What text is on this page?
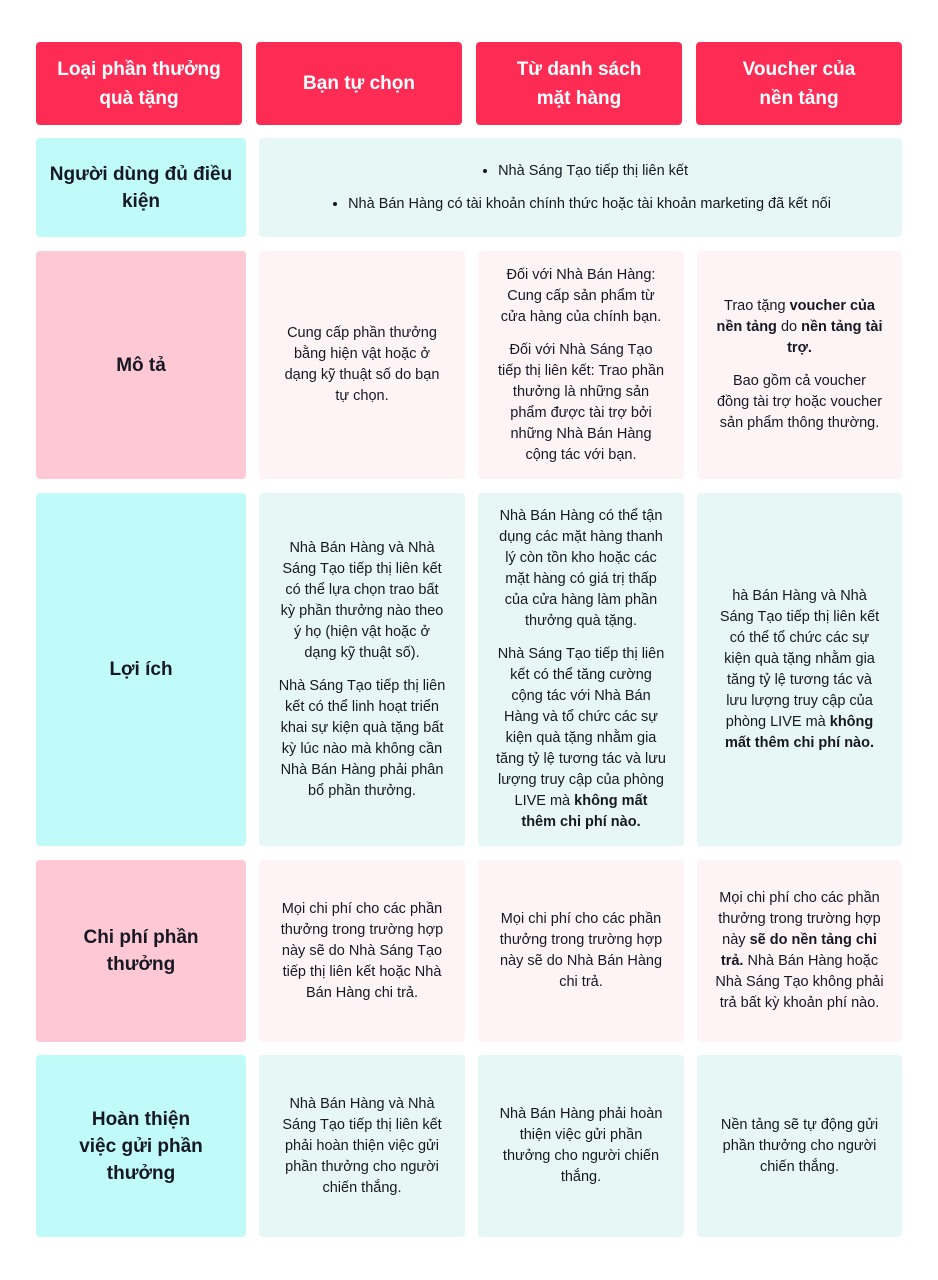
Loại phần thưởng quà tặng
Bạn tự chọn
Từ danh sách mặt hàng
Voucher của nền tảng
Người dùng đủ điều kiện
• Nhà Sáng Tạo tiếp thị liên kết
• Nhà Bán Hàng có tài khoản chính thức hoặc tài khoản marketing đã kết nối
Mô tả

Cung cấp phần thưởng bằng hiện vật hoặc ở dạng kỹ thuật số do bạn tự chọn.

Đối với Nhà Bán Hàng: Cung cấp sản phẩm từ cửa hàng của chính bạn.

Đối với Nhà Sáng Tạo tiếp thị liên kết: Trao phần thưởng là những sản phẩm được tài trợ bởi những Nhà Bán Hàng cộng tác với bạn.

Trao tặng voucher của nền tảng do nền tảng tài trợ.

Bao gồm cả voucher đồng tài trợ hoặc voucher sản phẩm thông thường.

Lợi ích

Nhà Bán Hàng và Nhà Sáng Tạo tiếp thị liên kết có thể lựa chọn trao bất kỳ phần thưởng nào theo ý họ (hiện vật hoặc ở dạng kỹ thuật số).

Nhà Sáng Tạo tiếp thị liên kết có thể linh hoạt triển khai sự kiện quà tặng bất kỳ lúc nào mà không cần Nhà Bán Hàng phải phân bổ phần thưởng.

Nhà Bán Hàng có thể tận dụng các mặt hàng thanh lý còn tồn kho hoặc các mặt hàng có giá trị thấp của cửa hàng làm phần thưởng quà tặng.

Nhà Sáng Tạo tiếp thị liên kết có thể tăng cường cộng tác với Nhà Bán Hàng và tổ chức các sự kiện quà tặng nhằm gia tăng tỷ lệ tương tác và lưu lượng truy cập của phòng LIVE mà không mất thêm chi phí nào.

hà Bán Hàng và Nhà Sáng Tạo tiếp thị liên kết có thể tổ chức các sự kiện quà tặng nhằm gia tăng tỷ lệ tương tác và lưu lượng truy cập của phòng LIVE mà không mất thêm chi phí nào.

Chi phí phần thưởng

Mọi chi phí cho các phần thưởng trong trường hợp này sẽ do Nhà Sáng Tạo tiếp thị liên kết hoặc Nhà Bán Hàng chi trả.

Mọi chi phí cho các phần thưởng trong trường hợp này sẽ do Nhà Bán Hàng chi trả.

Mọi chi phí cho các phần thưởng trong trường hợp này sẽ do nền tảng chi trả. Nhà Bán Hàng hoặc Nhà Sáng Tạo không phải trả bất kỳ khoản phí nào.

Hoàn thiện việc gửi phần thưởng

Nhà Bán Hàng và Nhà Sáng Tạo tiếp thị liên kết phải hoàn thiện việc gửi phần thưởng cho người chiến thắng.

Nhà Bán Hàng phải hoàn thiện việc gửi phần thưởng cho người chiến thắng.

Nền tảng sẽ tự động gửi phần thưởng cho người chiến thắng.
